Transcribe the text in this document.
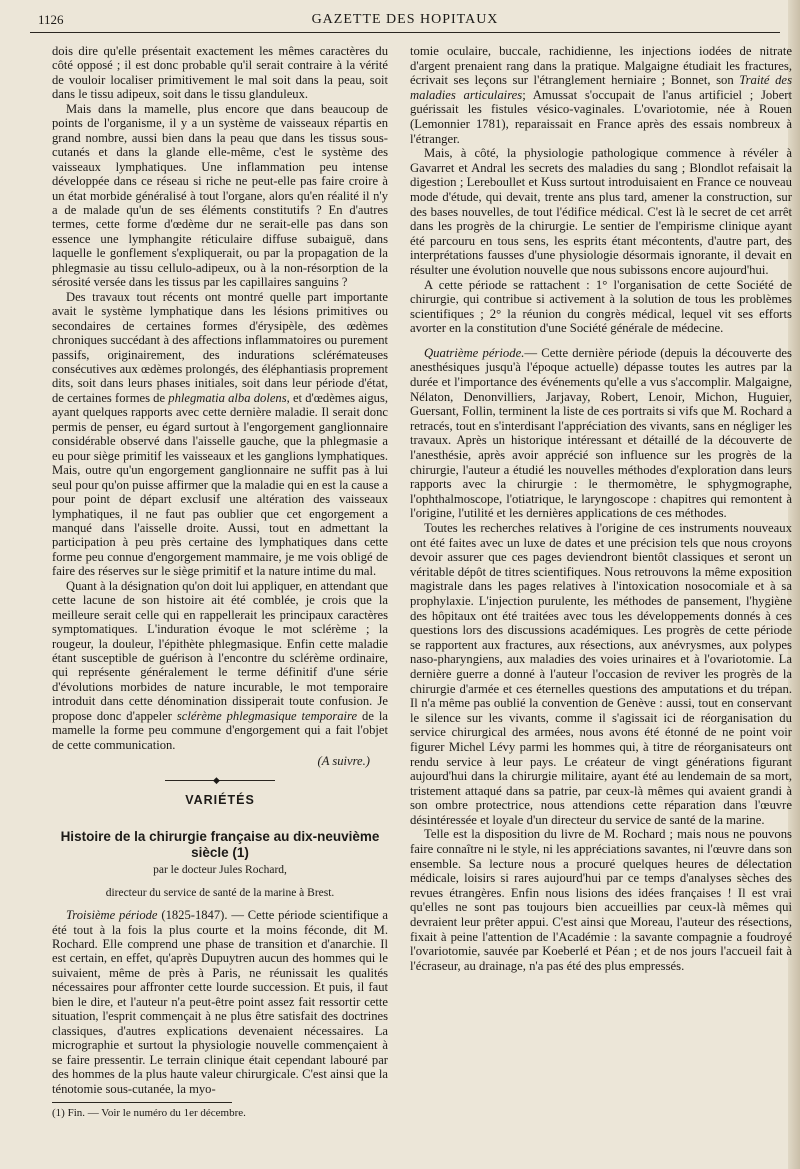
1126	GAZETTE DES HOPITAUX

dois dire qu'elle présentait exactement les mêmes caractères du côté opposé ; il est donc probable qu'il serait contraire à la vérité de vouloir localiser primitivement le mal soit dans la peau, soit dans le tissu adipeux, soit dans le tissu glanduleux.

Mais dans la mamelle, plus encore que dans beaucoup de points de l'organisme, il y a un système de vaisseaux répartis en grand nombre, aussi bien dans la peau que dans les tissus sous-cutanés et dans la glande elle-même, c'est le système des vaisseaux lymphatiques. Une inflammation peu intense développée dans ce réseau si riche ne peut-elle pas faire croire à un état morbide généralisé à tout l'organe, alors qu'en réalité il n'y a de malade qu'un de ses éléments constitutifs ? En d'autres termes, cette forme d'œdème dur ne serait-elle pas dans son essence une lymphangite réticulaire diffuse subaiguë, dans laquelle le gonflement s'expliquerait, ou par la propagation de la phlegmasie au tissu cellulo-adipeux, ou à la non-résorption de la sérosité versée dans les tissus par les capillaires sanguins ?

Des travaux tout récents ont montré quelle part importante avait le système lymphatique dans les lésions primitives ou secondaires de certaines formes d'érysipèle, des œdèmes chroniques succédant à des affections inflammatoires ou purement passifs, originairement, des indurations sclérémateuses consécutives aux œdèmes prolongés, des éléphantiasis proprement dits, soit dans leurs phases initiales, soit dans leur période d'état, de certaines formes de phlegmatia alba dolens, et d'œdèmes aigus, ayant quelques rapports avec cette dernière maladie. Il serait donc permis de penser, eu égard surtout à l'engorgement ganglionnaire considérable observé dans l'aisselle gauche, que la phlegmasie a eu pour siège primitif les vaisseaux et les ganglions lymphatiques. Mais, outre qu'un engorgement ganglionnaire ne suffit pas à lui seul pour qu'on puisse affirmer que la maladie qui en est la cause a pour point de départ exclusif une altération des vaisseaux lymphatiques, il ne faut pas oublier que cet engorgement a manqué dans l'aisselle droite. Aussi, tout en admettant la participation à peu près certaine des lymphatiques dans cette forme peu connue d'engorgement mammaire, je me vois obligé de faire des réserves sur le siège primitif et la nature intime du mal.

Quant à la désignation qu'on doit lui appliquer, en attendant que cette lacune de son histoire ait été comblée, je crois que la meilleure serait celle qui en rappellerait les principaux caractères symptomatiques. L'induration évoque le mot sclérème ; la rougeur, la douleur, l'épithète phlegmasique. Enfin cette maladie étant susceptible de guérison à l'encontre du sclérème ordinaire, qui représente généralement le terme définitif d'une série d'évolutions morbides de nature incurable, le mot temporaire introduit dans cette dénomination dissiperait toute confusion. Je propose donc d'appeler sclérème phlegmasique temporaire de la mamelle la forme peu commune d'engorgement qui a fait l'objet de cette communication.

(A suivre.)
◆
VARIÉTÉS
Histoire de la chirurgie française au dix-neuvième siècle (1)
par le docteur Jules Rochard,
directeur du service de santé de la marine à Brest.

Troisième période (1825-1847). — Cette période scientifique a été tout à la fois la plus courte et la moins féconde, dit M. Rochard. Elle comprend une phase de transition et d'anarchie. Il est certain, en effet, qu'après Dupuytren aucun des hommes qui le suivaient, même de près à Paris, ne réunissait les qualités nécessaires pour affronter cette lourde succession. Et puis, il faut bien le dire, et l'auteur n'a peut-être point assez fait ressortir cette situation, l'esprit commençait à ne plus être satisfait des doctrines classiques, d'autres explications devenaient nécessaires. La micrographie et surtout la physiologie nouvelle commençaient à se faire pressentir. Le terrain clinique était cependant labouré par des hommes de la plus haute valeur chirurgicale. C'est ainsi que la ténotomie sous-cutanée, la myo-

(1) Fin. — Voir le numéro du 1er décembre.

tomie oculaire, buccale, rachidienne, les injections iodées de nitrate d'argent prenaient rang dans la pratique. Malgaigne étudiait les fractures, écrivait ses leçons sur l'étranglement herniaire ; Bonnet, son Traité des maladies articulaires; Amussat s'occupait de l'anus artificiel ; Jobert guérissait les fistules vésico-vaginales. L'ovariotomie, née à Rouen (Lemonnier 1781), reparaissait en France après des essais nombreux à l'étranger.

Mais, à côté, la physiologie pathologique commence à révéler à Gavarret et Andral les secrets des maladies du sang ; Blondlot refaisait la digestion ; Lereboullet et Kuss surtout introduisaient en France ce nouveau mode d'étude, qui devait, trente ans plus tard, amener la construction, sur des bases nouvelles, de tout l'édifice médical. C'est là le secret de cet arrêt dans les progrès de la chirurgie. Le sentier de l'empirisme clinique ayant été parcouru en tous sens, les esprits étant mécontents, d'autre part, des interprétations fausses d'une physiologie désormais ignorante, il devait en résulter une évolution nouvelle que nous subissons encore aujourd'hui.

A cette période se rattachent : 1° l'organisation de cette Société de chirurgie, qui contribue si activement à la solution de tous les problèmes scientifiques ; 2° la réunion du congrès médical, lequel vit ses efforts avorter en la constitution d'une Société générale de médecine.

Quatrième période.— Cette dernière période (depuis la découverte des anesthésiques jusqu'à l'époque actuelle) dépasse toutes les autres par la durée et l'importance des événements qu'elle a vus s'accomplir. Malgaigne, Nélaton, Denonvilliers, Jarjavay, Robert, Lenoir, Michon, Huguier, Guersant, Follin, terminent la liste de ces portraits si vifs que M. Rochard a retracés, tout en s'interdisant l'appréciation des vivants, sans en négliger les travaux. Après un historique intéressant et détaillé de la découverte de l'anesthésie, après avoir apprécié son influence sur les progrès de la chirurgie, l'auteur a étudié les nouvelles méthodes d'exploration dans leurs rapports avec la chirurgie : le thermomètre, le sphygmographe, l'ophthalmoscope, l'otiatrique, le laryngoscope : chapitres qui remontent à l'origine, l'utilité et les dernières applications de ces méthodes.

Toutes les recherches relatives à l'origine de ces instruments nouveaux ont été faites avec un luxe de dates et une précision tels que nous croyons devoir assurer que ces pages deviendront bientôt classiques et seront un véritable dépôt de titres scientifiques. Nous retrouvons la même exposition magistrale dans les pages relatives à l'intoxication nosocomiale et à sa prophylaxie. L'injection purulente, les méthodes de pansement, l'hygiène des hôpitaux ont été traitées avec tous les développements donnés à ces questions lors des discussions académiques. Les progrès de cette période se rapportent aux fractures, aux résections, aux anévrysmes, aux polypes naso-pharyngiens, aux maladies des voies urinaires et à l'ovariotomie. La dernière guerre a donné à l'auteur l'occasion de reviver les progrès de la chirurgie d'armée et ces éternelles questions des amputations et du trépan. Il n'a même pas oublié la convention de Genève : aussi, tout en conservant le silence sur les vivants, comme il s'agissait ici de réorganisation du service chirurgical des armées, nous avons été étonné de ne point voir figurer Michel Lévy parmi les hommes qui, à titre de réorganisateurs ont rendu service à leur pays. Le créateur de vingt générations figurant aujourd'hui dans la chirurgie militaire, ayant été au lendemain de sa mort, tristement attaqué dans sa patrie, par ceux-là mêmes qui avaient grandi à son ombre protectrice, nous attendions cette réparation dans l'œuvre désintéressée et loyale d'un directeur du service de santé de la marine.

Telle est la disposition du livre de M. Rochard ; mais nous ne pouvons faire connaître ni le style, ni les appréciations savantes, ni l'œuvre dans son ensemble. Sa lecture nous a procuré quelques heures de délectation médicale, loisirs si rares aujourd'hui par ce temps d'analyses sèches des revues étrangères. Enfin nous lisions des idées françaises ! Il est vrai qu'elles ne sont pas toujours bien accueillies par ceux-là mêmes qui devraient leur prêter appui. C'est ainsi que Moreau, l'auteur des résections, fixait à peine l'attention de l'Académie : la savante compagnie a foudroyé l'ovariotomie, sauvée par Koeberlé et Péan ; et de nos jours l'accueil fait à l'écraseur, au drainage, n'a pas été des plus empressés.
